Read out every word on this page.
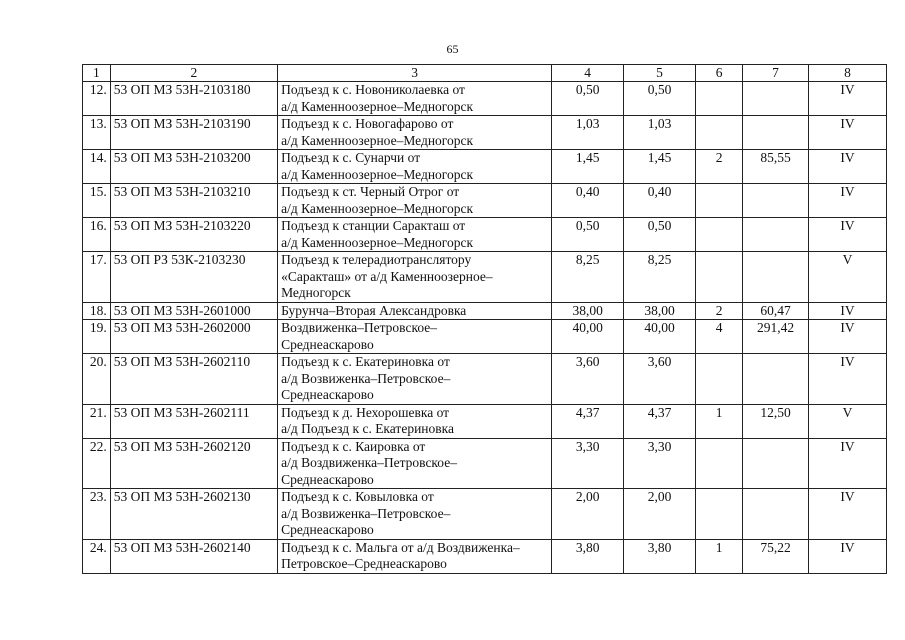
65
1	2	3	4	5	6	7	8
12.	53 ОП МЗ 53Н-2103180	Подъезд к с. Новониколаевка от
а/д Каменноозерное–Медногорск	0,50	0,50			IV
13.	53 ОП МЗ 53Н-2103190	Подъезд к с. Новогафарово от
а/д Каменноозерное–Медногорск	1,03	1,03			IV
14.	53 ОП МЗ 53Н-2103200	Подъезд к с. Сунарчи от
а/д Каменноозерное–Медногорск	1,45	1,45	2	85,55	IV
15.	53 ОП МЗ 53Н-2103210	Подъезд к ст. Черный Отрог от
а/д Каменноозерное–Медногорск	0,40	0,40			IV
16.	53 ОП МЗ 53Н-2103220	Подъезд к станции Саракташ от
а/д Каменноозерное–Медногорск	0,50	0,50			IV
17.	53 ОП РЗ 53К-2103230	Подъезд к телерадиотранслятору
«Саракташ» от а/д Каменноозерное–
Медногорск	8,25	8,25			V
18.	53 ОП МЗ 53Н-2601000	Бурунча–Вторая Александровка	38,00	38,00	2	60,47	IV
19.	53 ОП МЗ 53Н-2602000	Воздвиженка–Петровское–
Среднеаскарово	40,00	40,00	4	291,42	IV
20.	53 ОП МЗ 53Н-2602110	Подъезд к с. Екатериновка от
а/д Возвиженка–Петровское–
Среднеаскарово	3,60	3,60			IV
21.	53 ОП МЗ 53Н-2602111	Подъезд к д. Нехорошевка от
а/д Подъезд к с. Екатериновка	4,37	4,37	1	12,50	V
22.	53 ОП МЗ 53Н-2602120	Подъезд к с. Каировка от
а/д Воздвиженка–Петровское–
Среднеаскарово	3,30	3,30			IV
23.	53 ОП МЗ 53Н-2602130	Подъезд к с. Ковыловка от
а/д Возвиженка–Петровское–
Среднеаскарово	2,00	2,00			IV
24.	53 ОП МЗ 53Н-2602140	Подъезд к с. Мальга от а/д Воздвиженка–
Петровское–Среднеаскарово	3,80	3,80	1	75,22	IV
